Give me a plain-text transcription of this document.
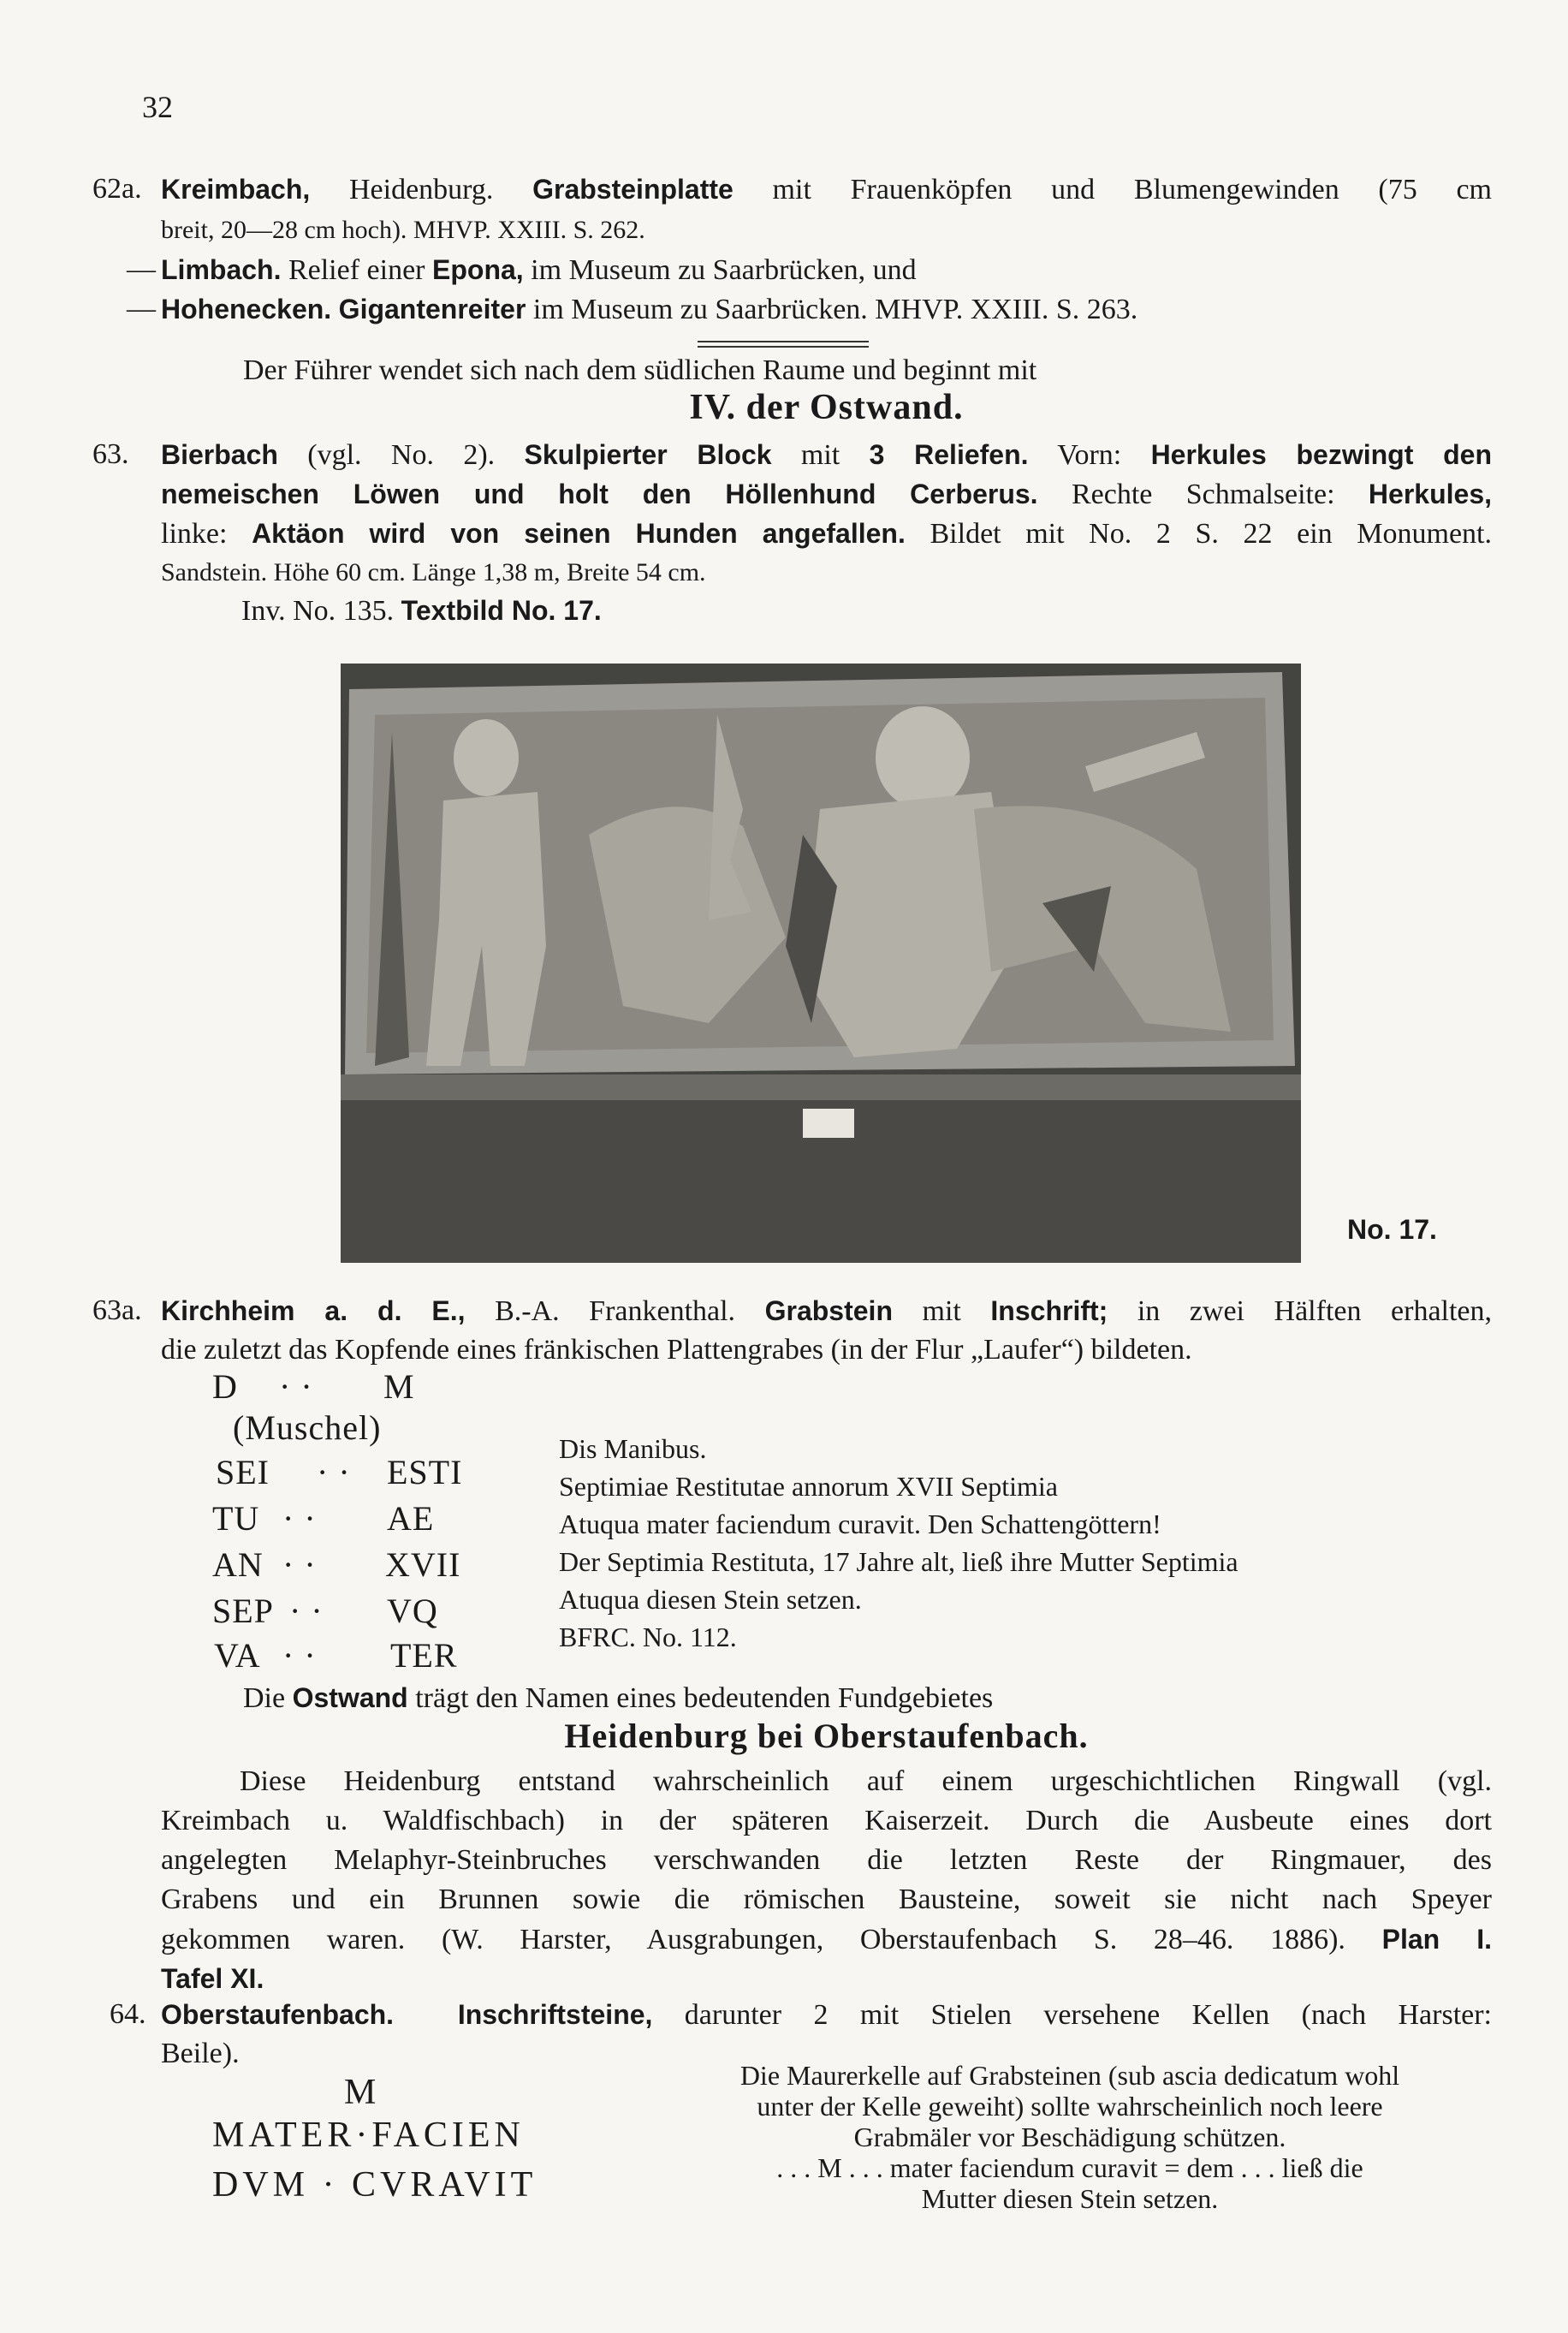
32
62a. Kreimbach, Heidenburg. Grabsteinplatte mit Frauenköpfen und Blumengewinden (75 cm
breit, 20—28 cm hoch). MHVP. XXIII. S. 262.
— Limbach. Relief einer Epona, im Museum zu Saarbrücken, und
— Hohenecken. Gigantenreiter im Museum zu Saarbrücken. MHVP. XXIII. S. 263.
Der Führer wendet sich nach dem südlichen Raume und beginnt mit
IV. der Ostwand.
63. Bierbach (vgl. No. 2). Skulpierter Block mit 3 Reliefen. Vorn: Herkules bezwingt den
nemeischen Löwen und holt den Höllenhund Cerberus. Rechte Schmalseite: Herkules,
linke: Aktäon wird von seinen Hunden angefallen. Bildet mit No. 2 S. 22 ein Monument.
Sandstein. Höhe 60 cm. Länge 1,38 m, Breite 54 cm.
Inv. No. 135. Textbild No. 17.
No. 17.
63a. Kirchheim a. d. E., B.-A. Frankenthal. Grabstein mit Inschrift; in zwei Hälften erhalten,
die zuletzt das Kopfende eines fränkischen Plattengrabes (in der Flur „Laufer“) bildeten.
D · · M
(Muschel)
SEI · · ESTI
TU · · AE
AN · · XVII
SEP · · VQ
VA · · TER
Dis Manibus.
Septimiae Restitutae annorum XVII Septimia
Atuqua mater faciendum curavit. Den Schattengöttern!
Der Septimia Restituta, 17 Jahre alt, ließ ihre Mutter Septimia
Atuqua diesen Stein setzen.
BFRC. No. 112.
Die Ostwand trägt den Namen eines bedeutenden Fundgebietes
Heidenburg bei Oberstaufenbach.
Diese Heidenburg entstand wahrscheinlich auf einem urgeschichtlichen Ringwall (vgl.
Kreimbach u. Waldfischbach) in der späteren Kaiserzeit. Durch die Ausbeute eines dort
angelegten Melaphyr-Steinbruches verschwanden die letzten Reste der Ringmauer, des
Grabens und ein Brunnen sowie die römischen Bausteine, soweit sie nicht nach Speyer
gekommen waren. (W. Harster, Ausgrabungen, Oberstaufenbach S. 28–46. 1886). Plan I.
Tafel XI.
64. Oberstaufenbach. Inschriftsteine, darunter 2 mit Stielen versehene Kellen (nach Harster:
Beile).
M
MATER·FACIEN
DVM · CVRAVIT
Die Maurerkelle auf Grabsteinen (sub ascia dedicatum wohl
unter der Kelle geweiht) sollte wahrscheinlich noch leere
Grabmäler vor Beschädigung schützen.
. . . M . . . mater faciendum curavit = dem . . . ließ die
Mutter diesen Stein setzen.
